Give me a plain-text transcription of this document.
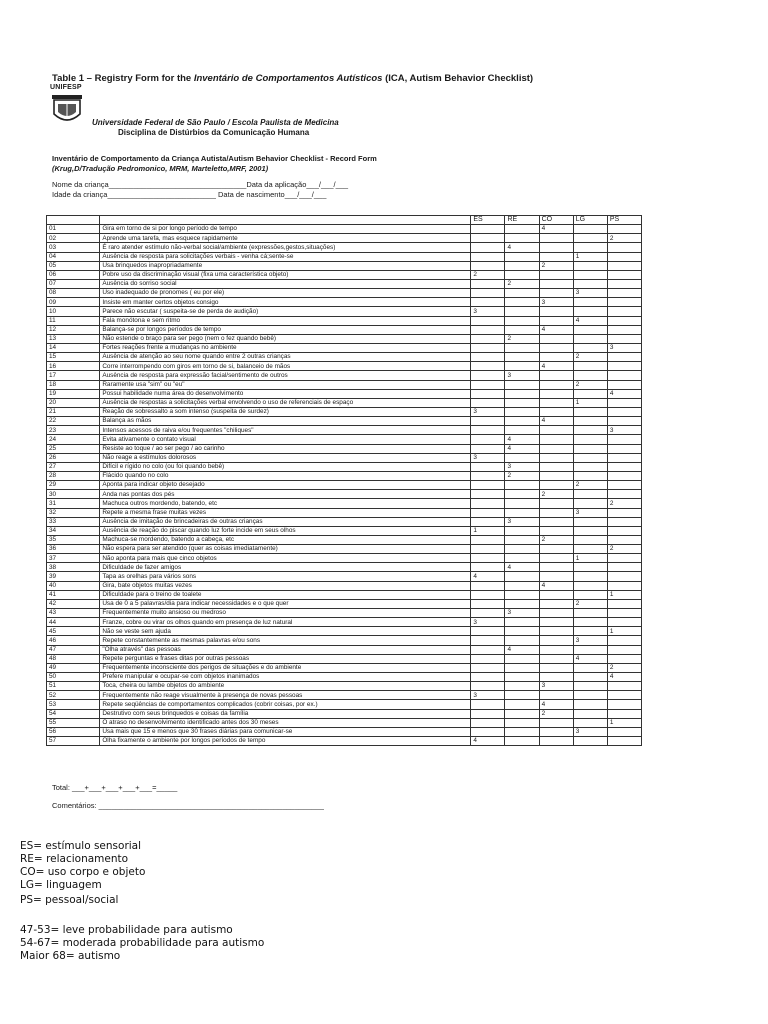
Table 1 – Registry Form for the Inventário de Comportamentos Autísticos (ICA, Autism Behavior Checklist)
UNIFESP
Universidade Federal de São Paulo / Escola Paulista de Medicina
Disciplina de Distúrbios da Comunicação Humana
Inventário de Comportamento da Criança Autista/Autism Behavior Checklist - Record Form
(Krug,D/Tradução Pedromonico, MRM, Marteletto,MRF, 2001)
Nome da criança_________________________________Data da aplicação___/___/___
Idade da criança__________________________ Data de nascimento___/___/___
		ES	RE	CO	LG	PS
01	Gira em torno de si por longo período de tempo			4		
02	Aprende uma tarefa, mas esquece rapidamente					2
03	É raro atender estímulo não-verbal social/ambiente (expressões,gestos,situações)		4			
04	Ausência de resposta para solicitações verbais - venha cá;sente-se				1	
05	Usa brinquedos inapropriadamente			2		
06	Pobre uso da discriminação visual (fixa uma característica objeto)	2				
07	Ausência do sorriso social		2			
08	Uso inadequado de pronomes ( eu por ele)				3	
09	Insiste em manter certos objetos consigo			3		
10	Parece não escutar ( suspeita-se de perda de audição)	3				
11	Fala monótona e sem ritmo				4	
12	Balança-se por longos períodos de tempo			4		
13	Não estende o braço para ser pego (nem o fez quando bebê)		2			
14	Fortes reações frente a mudanças no ambiente					3
15	Ausência de atenção ao seu nome quando entre 2 outras crianças				2	
16	Corre interrompendo com giros em torno de si, balanceio de mãos			4		
17	Ausência de resposta para expressão facial/sentimento de outros		3			
18	Raramente usa "sim" ou "eu"				2	
19	Possui habilidade numa área do desenvolvimento					4
20	Ausência de respostas a solicitações verbal envolvendo o uso de referenciais de espaço				1	
21	Reação de sobressalto a som intenso (suspeita de surdez)	3				
22	Balança as mãos			4		
23	Intensos acessos de raiva e/ou frequentes "chiliques"					3
24	Evita ativamente o contato visual		4			
25	Resiste ao toque / ao ser pego / ao carinho		4			
26	Não reage a estímulos dolorosos	3				
27	Difícil e rígido no colo (ou foi quando bebê)		3			
28	Flácido quando no colo		2			
29	Aponta para indicar objeto desejado				2	
30	Anda nas pontas dos pés			2		
31	Machuca outros mordendo, batendo, etc					2
32	Repete a mesma frase muitas vezes				3	
33	Ausência de imitação de brincadeiras de outras crianças		3			
34	Ausência de reação do piscar quando luz forte incide em seus olhos	1				
35	Machuca-se mordendo, batendo a cabeça, etc			2		
36	Não espera para ser atendido (quer as coisas imediatamente)					2
37	Não aponta para mais que cinco objetos				1	
38	Dificuldade de fazer amigos		4			
39	Tapa as orelhas para vários sons	4				
40	Gira, bate objetos muitas vezes			4		
41	Dificuldade para o treino de toalete					1
42	Usa de 0 a 5 palavras/dia para indicar necessidades e o que quer				2	
43	Frequentemente muito ansioso ou medroso		3			
44	Franze, cobre ou virar os olhos quando em presença de luz natural	3				
45	Não se veste sem ajuda					1
46	Repete constantemente as mesmas palavras e/ou sons				3	
47	"Olha através" das pessoas		4			
48	Repete perguntas e frases ditas por outras pessoas				4	
49	Frequentemente inconsciente dos perigos de situações e do ambiente					2
50	Prefere manipular e ocupar-se com objetos inanimados					4
51	Toca, cheira ou lambe objetos do ambiente			3		
52	Frequentemente não reage visualmente à presença de novas pessoas	3				
53	Repete seqüências de comportamentos complicados (cobrir coisas, por ex.)			4		
54	Destrutivo com seus brinquedos e coisas da família			2		
55	O atraso no desenvolvimento identificado antes dos 30 meses					1
56	Usa mais que 15 e menos que 30 frases diárias para comunicar-se				3	
57	Olha fixamente o ambiente por longos períodos de tempo	4				
Total: ___+___+___+___+___=_____
Comentários: ______________________________________________________
ES= estímulo sensorial
RE= relacionamento
CO= uso corpo e objeto
LG= linguagem
PS= pessoal/social
47-53= leve probabilidade para autismo
54-67= moderada probabilidade para autismo
Maior 68= autismo
